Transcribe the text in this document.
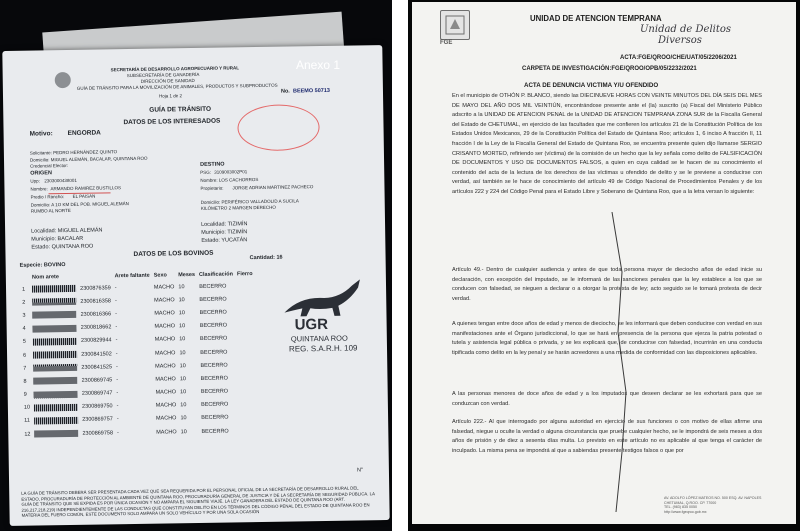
Anexo 1
SECRETARÍA DE DESARROLLO AGROPECUARIO Y RURAL
SUBSECRETARÍA DE GANADERÍA
DIRECCIÓN DE SANIDAD
GUÍA DE TRÁNSITO PARA LA MOVILIZACIÓN DE ANIMALES, PRODUCTOS Y SUBPRODUCTOS
No. BEEMO 50713
Hoja 1 de 2
GUÍA DE TRÁNSITO
DATOS DE LOS INTERESADOS
Motivo: ENGORDA
Solicitante: PEDRO HERNÁNDEZ QUINTO
Domicilio: MIGUEL ALEMÁN, BACALAR, QUINTANA ROO
Credencial Elector:
ORIGEN
Upp: 2303000438001
Nombre: ARMANDO RAMIREZ BUSTILLOS
Predio / Rancho: EL PAISAN
Domicilio: A 1O KM DEL POB. MIGUEL ALEMÁN RUMBO AL NORTE
Localidad: MIGUEL ALEMÁN
Municipio: BACALAR
Estado: QUINTANA ROO
DESTINO
PSG: 3109003002P01
Nombre: LOS CACHORROS
Propietario: JORGE ADRIAN MARTINEZ PACHECO
Domicilio: PERIFÉRICO VALLADOLID A SUCILA KILÓMETRO 2 MARGEN DERECHO
Localidad: TIZIMÍN
Municipio: TIZIMÍN
Estado: YUCATÁN
DATOS DE LOS BOVINOS
Especie: BOVINO
Cantidad: 16
	Nom arete		Arete faltante	Sexo	Meses	Clasificación	Fierro
1		2300876359	-	MACHO	10	BECERRO	
2		2300816358	-	MACHO	10	BECERRO	
3		2300816366	-	MACHO	10	BECERRO	
4		2300818662	-	MACHO	10	BECERRO	
5		2300829944	-	MACHO	10	BECERRO	
6		2300841502	-	MACHO	10	BECERRO	
7		2300841525	-	MACHO	10	BECERRO	
8		2300869745	-	MACHO	10	BECERRO	
9		2300869747	-	MACHO	10	BECERRO	
10		2300869750	-	MACHO	10	BECERRO	
11		2300869757	-	MACHO	10	BECERRO	
12		2300869758	-	MACHO	10	BECERRO	
UGR
QUINTANA ROO
REG. S.A.R.H. 109
N°
LA GUÍA DE TRÁNSITO DEBERÁ SER PRESENTADA CADA VEZ QUE SEA REQUERIDA POR EL PERSONAL OFICIAL DE LA SECRETARÍA DE DESARROLLO RURAL DEL ESTADO, PROCURADURÍA DE PROTECCIÓN AL AMBIENTE DE QUINTANA ROO, PROCURADURÍA GENERAL DE JUSTICIA Y DE LA SECRETARÍA DE SEGURIDAD PÚBLICA. LA GUÍA DE TRÁNSITO QUE SE EXPIDA ES POR ÚNICA OCASIÓN Y NO AMPARA EL SIGUIENTE VIAJE. LA LEY GANADERA DEL ESTADO DE QUINTANA ROO (ART. 216,217,218,219) INDEPENDIENTEMENTE DE LAS CONDUCTAS QUE CONSTITUYAN DELITO EN LOS TÉRMINOS DEL CÓDIGO PENAL DEL ESTADO DE QUINTANA ROO EN MATERIA DEL FUERO COMÚN, ESTE DOCUMENTO SOLO AMPARA UN SOLO VEHÍCULO Y POR UNA SOLA OCASIÓN
FGE
UNIDAD DE ATENCION TEMPRANA
Unidad de Delitos
Diversos
ACTA:FGE/QROO/CHE/UAT/05/2206/2021
CARPETA DE INVESTIGACIÓN:FGE/QROO/OPB/05/2232/2021
ACTA DE DENUNCIA VICTIMA Y/U OFENDIDO
En el municipio de OTHÓN P. BLANCO, siendo las DIECINUEVE HORAS CON VEINTE MINUTOS DEL DÍA SEIS DEL MES DE MAYO DEL AÑO DOS MIL VEINTIÚN, encontrándose presente ante el (la) suscrito (a) Fiscal del Ministerio Público adscrito a la UNIDAD DE ATENCION PENAL de la UNIDAD DE ATENCION TEMPRANA ZONA SUR de la Fiscalía General del Estado de CHETUMAL, en ejercicio de las facultades que me confieren los artículos 21 de la Constitución Política de los Estados Unidos Mexicanos, 29 de la Constitución Política del Estado de Quintana Roo; artículos 1, 6 inciso A fracción II, 11 fracción I de la Ley de la Fiscalía General del Estado de Quintana Roo, se encuentra presente quien dijo llamarse SERGIO CRISANTO MORTEO, refiriendo ser (víctima) de la comisión de un hecho que la ley señala como delito de FALSIFICACIÓN DE DOCUMENTOS Y USO DE DOCUMENTOS FALSOS, a quien en cuya calidad se le hacen de su conocimiento el contenido del acta de la lectura de los derechos de las víctimas u ofendido de delito y se le previene a conducirse con verdad, así también se le hace de conocimiento del artículo 49 de Código Nacional de Procedimientos Penales y de los artículos 222 y 224 del Código Penal para el Estado Libre y Soberano de Quintana Roo, que a la letra versan lo siguiente:
Artículo 49.- Dentro de cualquier audiencia y antes de que toda persona mayor de dieciocho años de edad inicie su declaración, con excepción del imputado, se le informará de las sanciones penales que la ley establece a los que se conducen con falsedad, se nieguen a declarar o a otorgar la protesta de ley; acto seguido se le tomará protesta de decir verdad.
A quienes tengan entre doce años de edad y menos de dieciocho, se les informará que deben conducirse con verdad en sus manifestaciones ante el Órgano jurisdiccional, lo que se hará en presencia de la persona que ejerza la patria potestad o tutela y asistencia legal pública o privada, y se les explicará que, de conducirse con falsedad, incurrirán en una conducta tipificada como delito en la ley penal y se harán acreedores a una medida de conformidad con las disposiciones aplicables.
A las personas menores de doce años de edad y a los imputados que deseen declarar se les exhortará para que se conduzcan con verdad.
Artículo 222.- Al que interrogado por alguna autoridad en ejercicio de sus funciones o con motivo de ellas afirme una falsedad, niegue u oculte la verdad o alguna circunstancia que pruebe cualquier hecho, se le impondrá de seis meses a dos años de prisión y de diez a sesenta días multa. Lo previsto en este artículo no es aplicable al que tenga el carácter de inculpado. La misma pena se impondrá al que a sabiendas presente testigos falsos o que por
AV. ADOLFO LÓPEZ MATEOS NO. 500 ESQ. AV. NAPOLES
CHETUMAL, Q.ROO. CP. 77000
TEL. (983) 835 0050
http://www.fgeqroo.gob.mx
